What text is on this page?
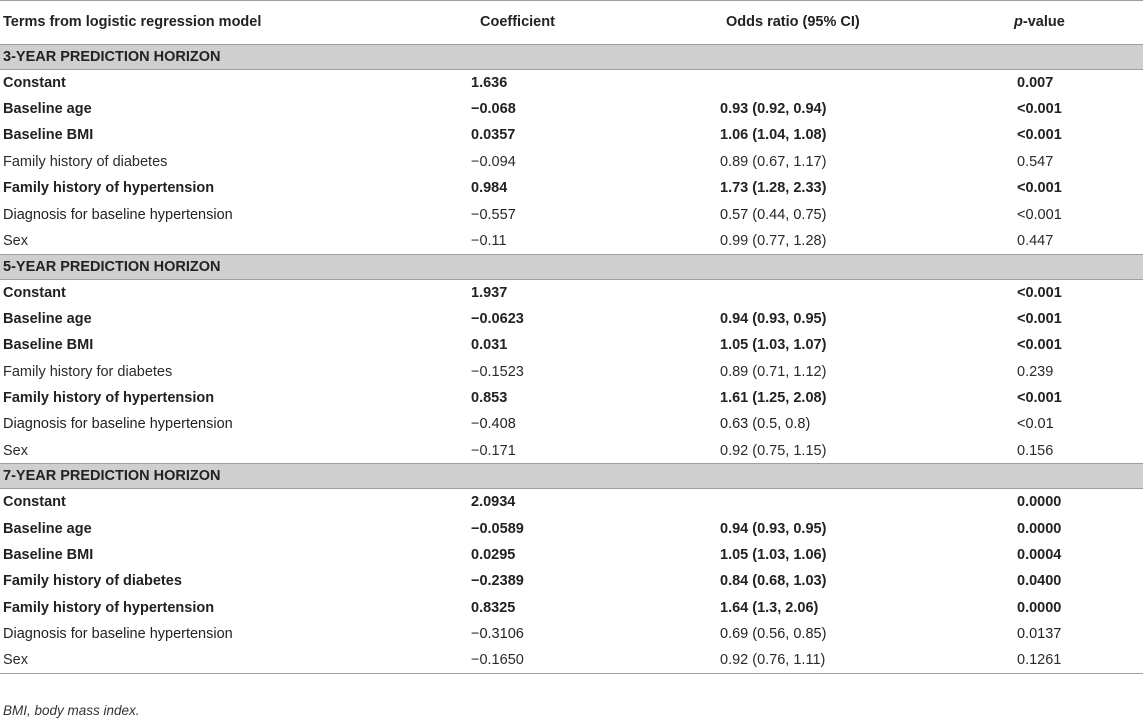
Terms from logistic regression model	Coefficient	Odds ratio (95% CI)	p-value
3-YEAR PREDICTION HORIZON			
Constant	1.636		0.007
Baseline age	−0.068	0.93 (0.92, 0.94)	<0.001
Baseline BMI	0.0357	1.06 (1.04, 1.08)	<0.001
Family history of diabetes	−0.094	0.89 (0.67, 1.17)	0.547
Family history of hypertension	0.984	1.73 (1.28, 2.33)	<0.001
Diagnosis for baseline hypertension	−0.557	0.57 (0.44, 0.75)	<0.001
Sex	−0.11	0.99 (0.77, 1.28)	0.447
5-YEAR PREDICTION HORIZON			
Constant	1.937		<0.001
Baseline age	−0.0623	0.94 (0.93, 0.95)	<0.001
Baseline BMI	0.031	1.05 (1.03, 1.07)	<0.001
Family history for diabetes	−0.1523	0.89 (0.71, 1.12)	0.239
Family history of hypertension	0.853	1.61 (1.25, 2.08)	<0.001
Diagnosis for baseline hypertension	−0.408	0.63 (0.5, 0.8)	<0.01
Sex	−0.171	0.92 (0.75, 1.15)	0.156
7-YEAR PREDICTION HORIZON			
Constant	2.0934		0.0000
Baseline age	−0.0589	0.94 (0.93, 0.95)	0.0000
Baseline BMI	0.0295	1.05 (1.03, 1.06)	0.0004
Family history of diabetes	−0.2389	0.84 (0.68, 1.03)	0.0400
Family history of hypertension	0.8325	1.64 (1.3, 2.06)	0.0000
Diagnosis for baseline hypertension	−0.3106	0.69 (0.56, 0.85)	0.0137
Sex	−0.1650	0.92 (0.76, 1.11)	0.1261
BMI, body mass index.
